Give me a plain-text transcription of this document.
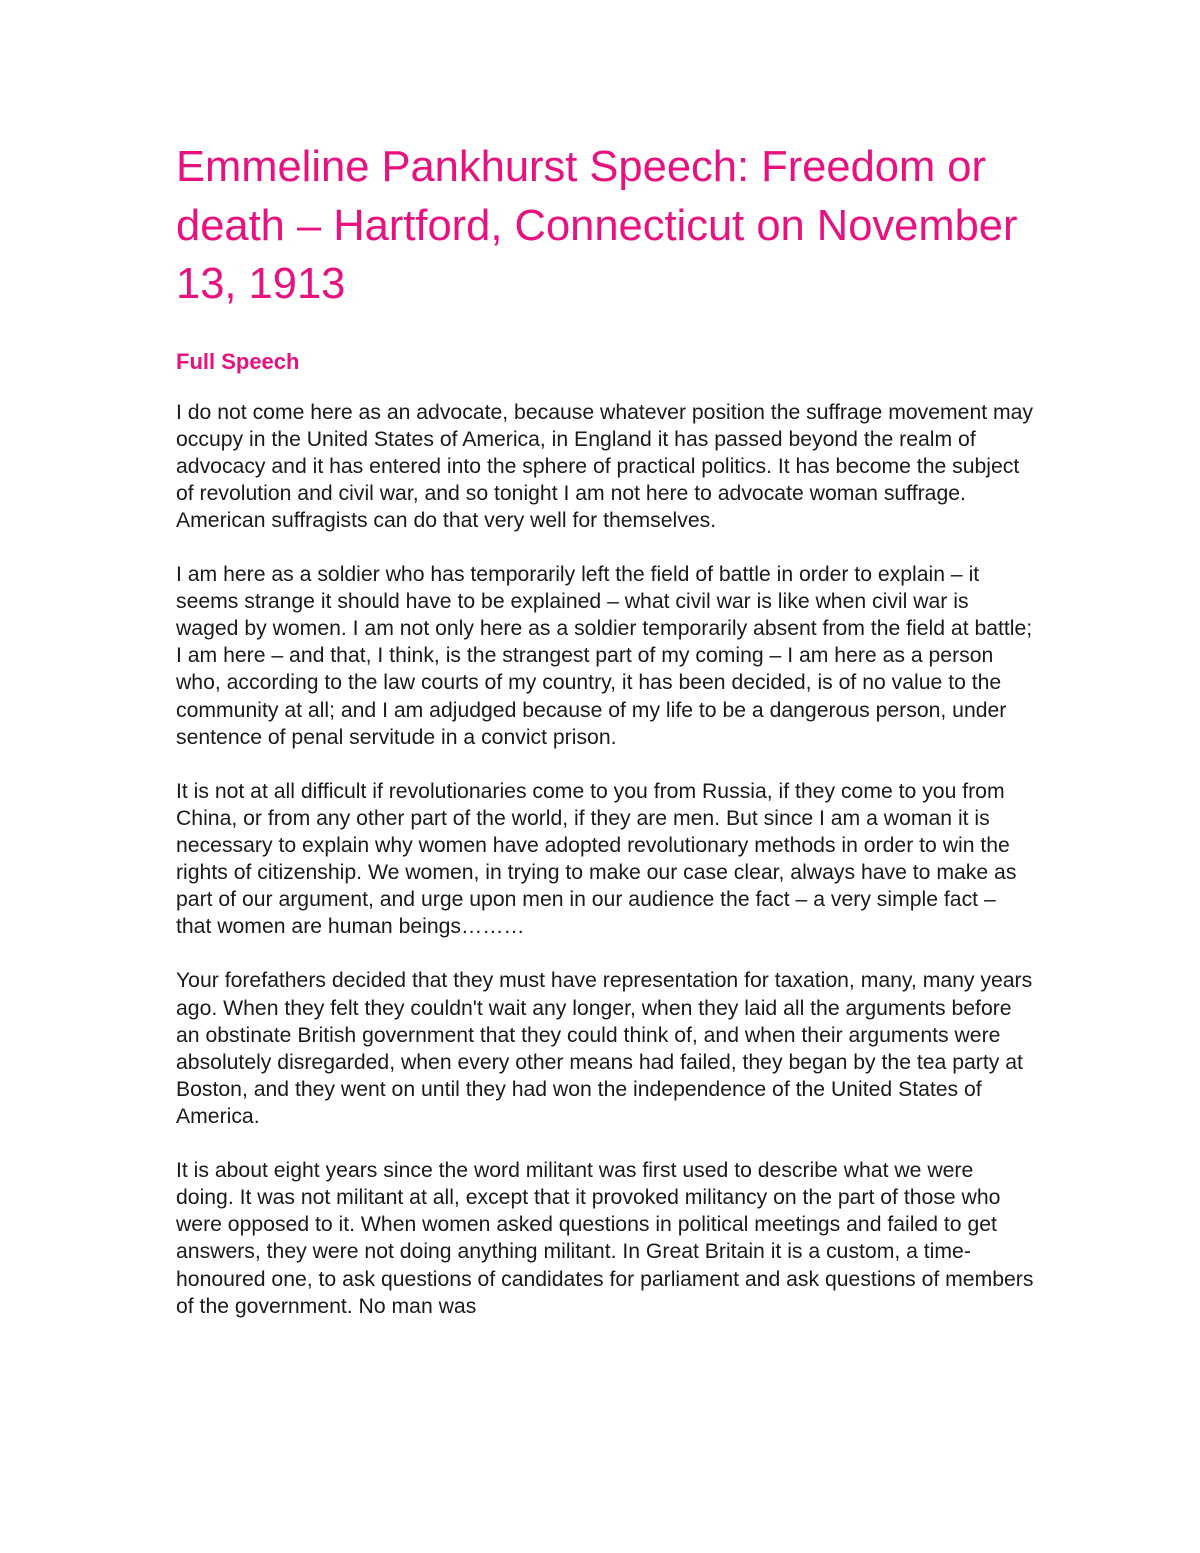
Emmeline Pankhurst Speech: Freedom or death – Hartford, Connecticut on November 13, 1913
Full Speech

I do not come here as an advocate, because whatever position the suffrage movement may occupy in the United States of America, in England it has passed beyond the realm of advocacy and it has entered into the sphere of practical politics. It has become the subject of revolution and civil war, and so tonight I am not here to advocate woman suffrage. American suffragists can do that very well for themselves.

I am here as a soldier who has temporarily left the field of battle in order to explain – it seems strange it should have to be explained – what civil war is like when civil war is waged by women. I am not only here as a soldier temporarily absent from the field at battle; I am here – and that, I think, is the strangest part of my coming – I am here as a person who, according to the law courts of my country, it has been decided, is of no value to the community at all; and I am adjudged because of my life to be a dangerous person, under sentence of penal servitude in a convict prison.

It is not at all difficult if revolutionaries come to you from Russia, if they come to you from China, or from any other part of the world, if they are men. But since I am a woman it is necessary to explain why women have adopted revolutionary methods in order to win the rights of citizenship. We women, in trying to make our case clear, always have to make as part of our argument, and urge upon men in our audience the fact – a very simple fact – that women are human beings………

Your forefathers decided that they must have representation for taxation, many, many years ago. When they felt they couldn't wait any longer, when they laid all the arguments before an obstinate British government that they could think of, and when their arguments were absolutely disregarded, when every other means had failed, they began by the tea party at Boston, and they went on until they had won the independence of the United States of America.

It is about eight years since the word militant was first used to describe what we were doing. It was not militant at all, except that it provoked militancy on the part of those who were opposed to it. When women asked questions in political meetings and failed to get answers, they were not doing anything militant. In Great Britain it is a custom, a time- honoured one, to ask questions of candidates for parliament and ask questions of members of the government. No man was
